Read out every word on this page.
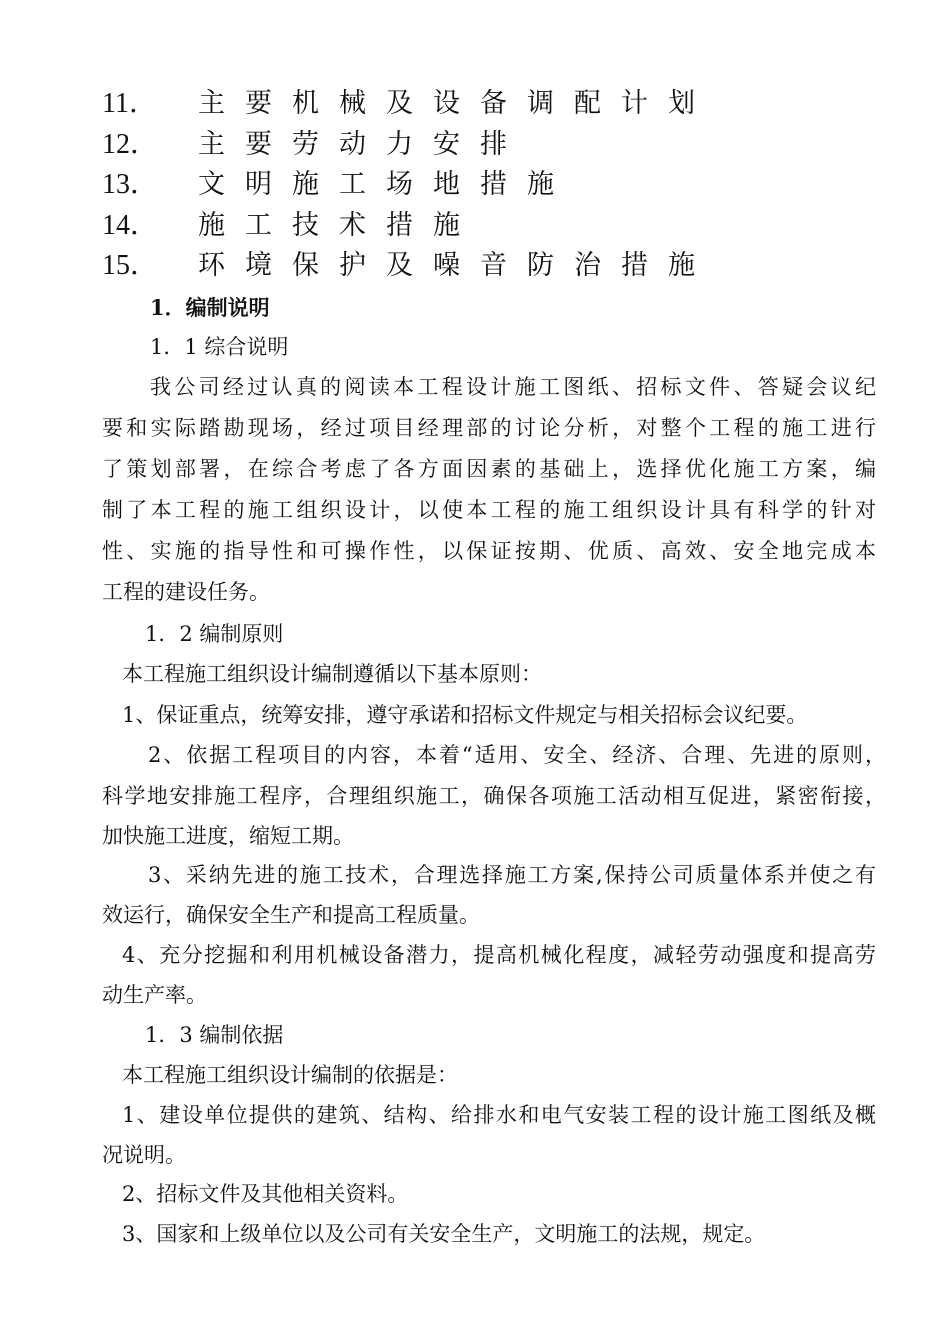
11． 主要机械及设备调配计划
12． 主要劳动力安排
13． 文明施工场地措施
14． 施工技术措施
15． 环境保护及噪音防治措施
1．编制说明
1．1 综合说明
我公司经过认真的阅读本工程设计施工图纸、招标文件、答疑会议纪
要和实际踏勘现场，经过项目经理部的讨论分析，对整个工程的施工进行
了策划部署，在综合考虑了各方面因素的基础上，选择优化施工方案，编
制了本工程的施工组织设计，以使本工程的施工组织设计具有科学的针对
性、实施的指导性和可操作性，以保证按期、优质、高效、安全地完成本
工程的建设任务。
1．2 编制原则
本工程施工组织设计编制遵循以下基本原则：
1、保证重点，统筹安排，遵守承诺和招标文件规定与相关招标会议纪要。
2、依据工程项目的内容，本着“适用、安全、经济、合理、先进的原则，
科学地安排施工程序，合理组织施工，确保各项施工活动相互促进，紧密衔接，
加快施工进度，缩短工期。
3、采纳先进的施工技术，合理选择施工方案,保持公司质量体系并使之有
效运行，确保安全生产和提高工程质量。
4、充分挖掘和利用机械设备潜力，提高机械化程度，减轻劳动强度和提高劳
动生产率。
1．3 编制依据
本工程施工组织设计编制的依据是：
1、建设单位提供的建筑、结构、给排水和电气安装工程的设计施工图纸及概
况说明。
2、招标文件及其他相关资料。
3、国家和上级单位以及公司有关安全生产，文明施工的法规，规定。
